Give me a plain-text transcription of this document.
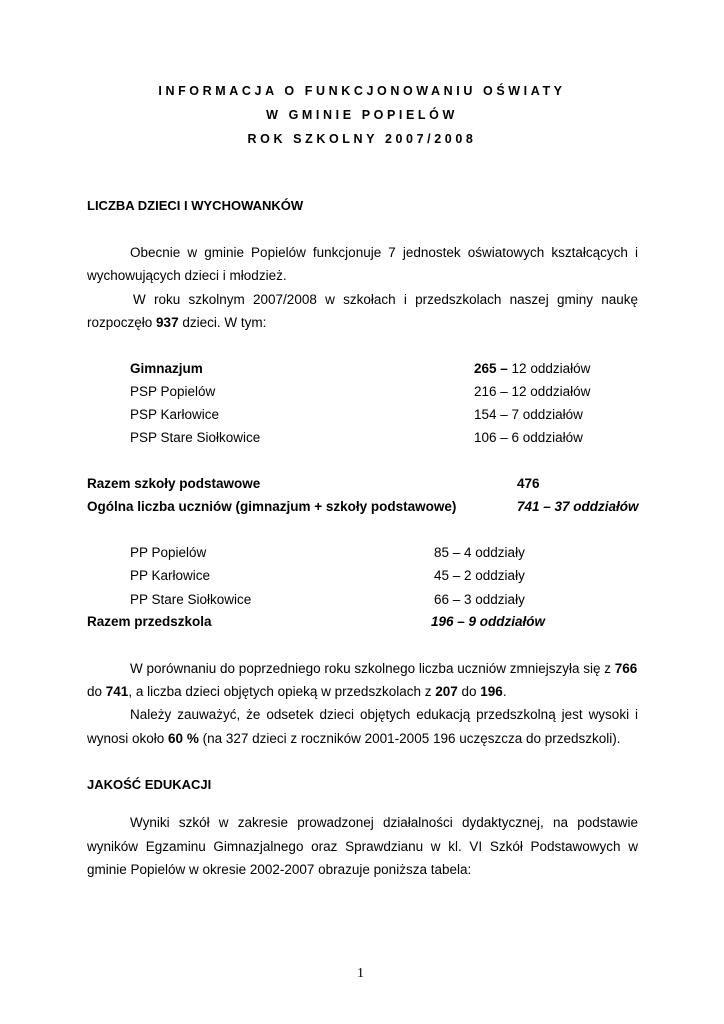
INFORMACJA O FUNKCJONOWANIU OŚWIATY
W GMINIE POPIELÓW
ROK SZKOLNY 2007/2008
LICZBA DZIECI I WYCHOWANKÓW
Obecnie w gminie Popielów funkcjonuje 7 jednostek oświatowych kształcących i
wychowujących dzieci i młodzież.
W roku szkolnym 2007/2008 w szkołach i przedszkolach naszej gminy naukę
rozpoczęło 937 dzieci. W tym:
Gimnazjum	265 – 12 oddziałów
PSP Popielów	216 – 12 oddziałów
PSP Karłowice	154 – 7 oddziałów
PSP Stare Siołkowice	106 – 6 oddziałów
Razem szkoły podstawowe	476
Ogólna liczba uczniów (gimnazjum + szkoły podstawowe)	741 – 37 oddziałów
PP Popielów	85 – 4 oddziały
PP Karłowice	45 – 2 oddziały
PP Stare Siołkowice	66 – 3 oddziały
Razem przedszkola	196 – 9 oddziałów
W porównaniu do poprzedniego roku szkolnego liczba uczniów zmniejszyła się z 766
do 741, a liczba dzieci objętych opieką w przedszkolach z 207 do 196.
Należy zauważyć, że odsetek dzieci objętych edukacją przedszkolną jest wysoki i
wynosi około 60 % (na 327 dzieci z roczników 2001-2005 196 uczęszcza do przedszkoli).
JAKOŚĆ EDUKACJI
Wyniki szkół w zakresie prowadzonej działalności dydaktycznej, na podstawie
wyników Egzaminu Gimnazjalnego oraz Sprawdzianu w kl. VI Szkół Podstawowych w
gminie Popielów w okresie 2002-2007 obrazuje poniższa tabela:
1
